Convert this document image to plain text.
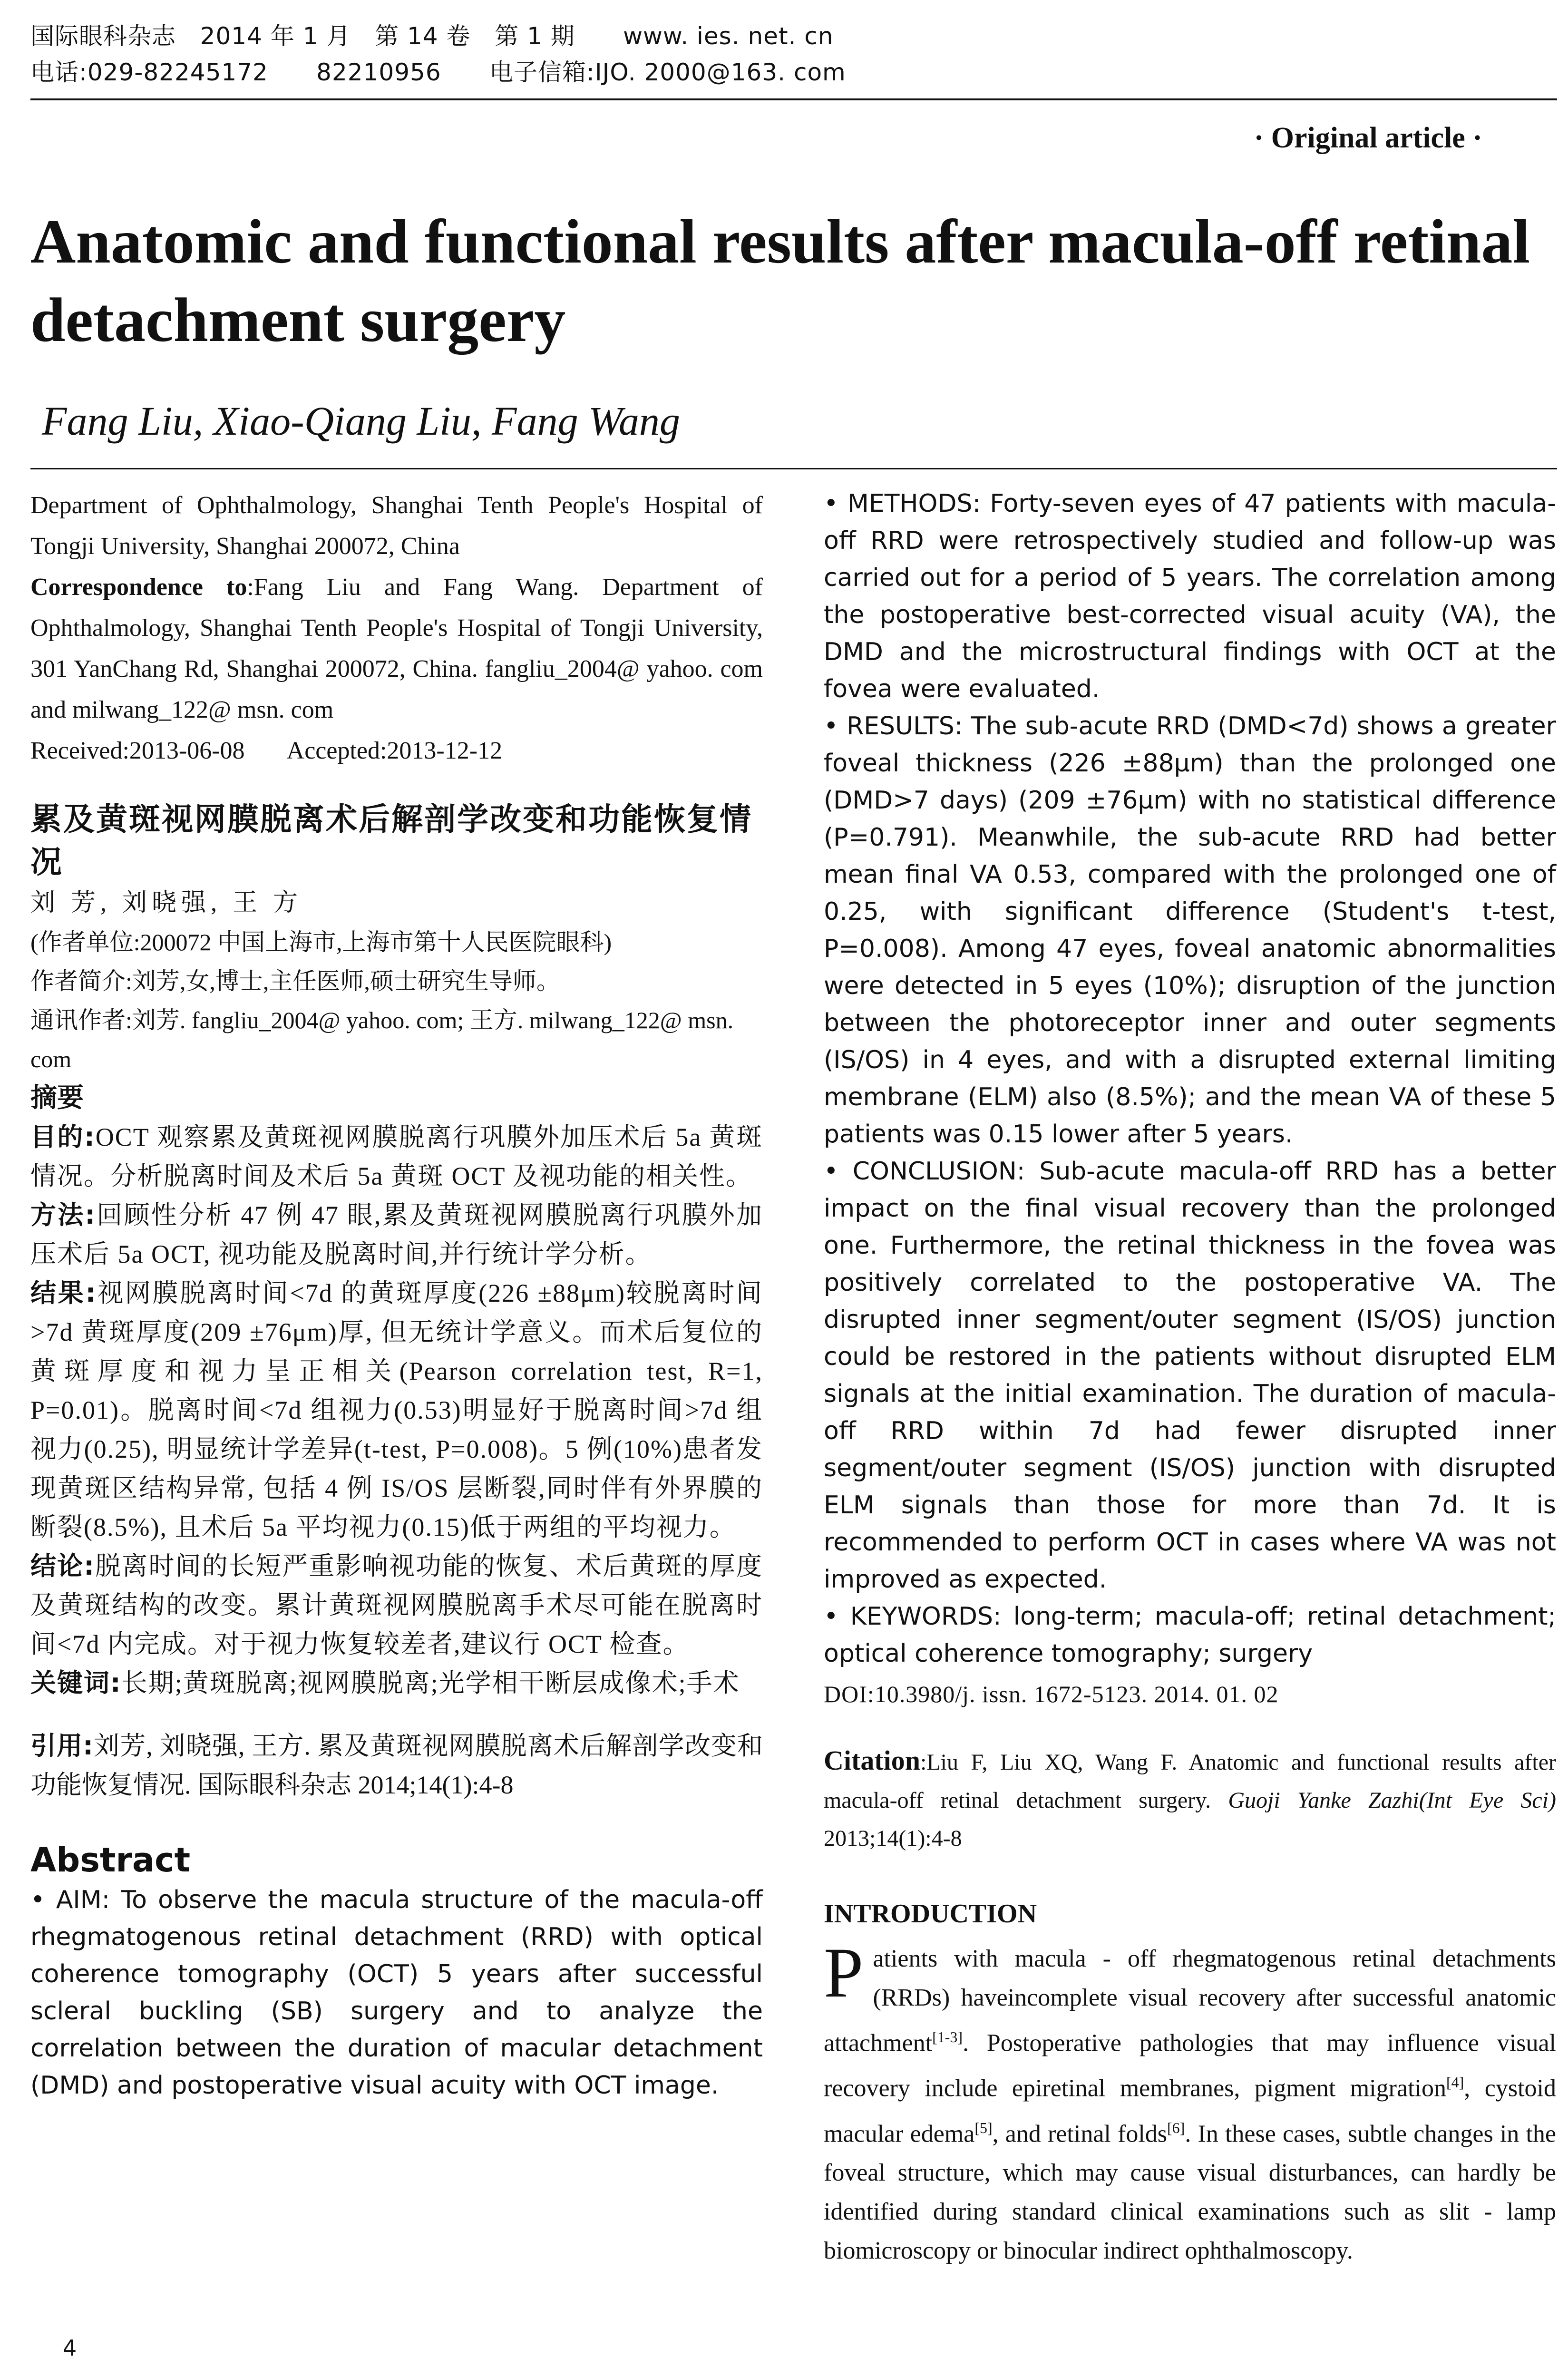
国际眼科杂志   2014 年 1 月   第 14 卷   第 1 期      www. ies. net. cn
电话:029-82245172      82210956      电子信箱:IJO. 2000@163. com
· Original article ·
Anatomic and functional results after macula-off retinal detachment surgery
Fang Liu, Xiao-Qiang Liu, Fang Wang
Department of Ophthalmology, Shanghai Tenth People's Hospital of Tongji University, Shanghai 200072, China
Correspondence to:Fang Liu and Fang Wang. Department of Ophthalmology, Shanghai Tenth People's Hospital of Tongji University, 301 YanChang Rd, Shanghai 200072, China. fangliu_2004@ yahoo. com and milwang_122@ msn. com
Received:2013-06-08       Accepted:2013-12-12
累及黄斑视网膜脱离术后解剖学改变和功能恢复情况
刘 芳, 刘晓强, 王 方
(作者单位:200072 中国上海市,上海市第十人民医院眼科)
作者简介:刘芳,女,博士,主任医师,硕士研究生导师。
通讯作者:刘芳. fangliu_2004@ yahoo. com; 王方. milwang_122@ msn. com
摘要
目的:OCT 观察累及黄斑视网膜脱离行巩膜外加压术后 5a 黄斑情况。分析脱离时间及术后 5a 黄斑 OCT 及视功能的相关性。
方法:回顾性分析 47 例 47 眼,累及黄斑视网膜脱离行巩膜外加压术后 5a OCT, 视功能及脱离时间,并行统计学分析。
结果:视网膜脱离时间<7d 的黄斑厚度(226 ±88μm)较脱离时间>7d 黄斑厚度(209 ±76μm)厚, 但无统计学意义。而术后复位的黄斑厚度和视力呈正相关(Pearson correlation test, R=1, P=0.01)。脱离时间<7d 组视力(0.53)明显好于脱离时间>7d 组视力(0.25), 明显统计学差异(t-test, P=0.008)。5 例(10%)患者发现黄斑区结构异常, 包括 4 例 IS/OS 层断裂,同时伴有外界膜的断裂(8.5%), 且术后 5a 平均视力(0.15)低于两组的平均视力。
结论:脱离时间的长短严重影响视功能的恢复、术后黄斑的厚度及黄斑结构的改变。累计黄斑视网膜脱离手术尽可能在脱离时间<7d 内完成。对于视力恢复较差者,建议行 OCT 检查。
关键词:长期;黄斑脱离;视网膜脱离;光学相干断层成像术;手术
引用:刘芳, 刘晓强, 王方. 累及黄斑视网膜脱离术后解剖学改变和功能恢复情况. 国际眼科杂志 2014;14(1):4-8
Abstract
• AIM: To observe the macula structure of the macula-off rhegmatogenous retinal detachment (RRD) with optical coherence tomography (OCT) 5 years after successful scleral buckling (SB) surgery and to analyze the correlation between the duration of macular detachment (DMD) and postoperative visual acuity with OCT image.
• METHODS: Forty-seven eyes of 47 patients with macula-off RRD were retrospectively studied and follow-up was carried out for a period of 5 years. The correlation among the postoperative best-corrected visual acuity (VA), the DMD and the microstructural findings with OCT at the fovea were evaluated.
• RESULTS: The sub-acute RRD (DMD<7d) shows a greater foveal thickness (226 ±88μm) than the prolonged one (DMD>7 days) (209 ±76μm) with no statistical difference (P=0.791). Meanwhile, the sub-acute RRD had better mean final VA 0.53, compared with the prolonged one of 0.25, with significant difference (Student's t-test, P=0.008). Among 47 eyes, foveal anatomic abnormalities were detected in 5 eyes (10%); disruption of the junction between the photoreceptor inner and outer segments (IS/OS) in 4 eyes, and with a disrupted external limiting membrane (ELM) also (8.5%); and the mean VA of these 5 patients was 0.15 lower after 5 years.
• CONCLUSION: Sub-acute macula-off RRD has a better impact on the final visual recovery than the prolonged one. Furthermore, the retinal thickness in the fovea was positively correlated to the postoperative VA. The disrupted inner segment/outer segment (IS/OS) junction could be restored in the patients without disrupted ELM signals at the initial examination. The duration of macula-off RRD within 7d had fewer disrupted inner segment/outer segment (IS/OS) junction with disrupted ELM signals than those for more than 7d. It is recommended to perform OCT in cases where VA was not improved as expected.
• KEYWORDS: long-term; macula-off; retinal detachment; optical coherence tomography; surgery
DOI:10.3980/j. issn. 1672-5123. 2014. 01. 02
Citation:Liu F, Liu XQ, Wang F. Anatomic and functional results after macula-off retinal detachment surgery. Guoji Yanke Zazhi(Int Eye Sci) 2013;14(1):4-8
INTRODUCTION
Patients with macula - off rhegmatogenous retinal detachments (RRDs) haveincomplete visual recovery after successful anatomic attachment[1-3]. Postoperative pathologies that may influence visual recovery include epiretinal membranes, pigment migration[4], cystoid macular edema[5], and retinal folds[6]. In these cases, subtle changes in the foveal structure, which may cause visual disturbances, can hardly be identified during standard clinical examinations such as slit - lamp biomicroscopy or binocular indirect ophthalmoscopy.
4
